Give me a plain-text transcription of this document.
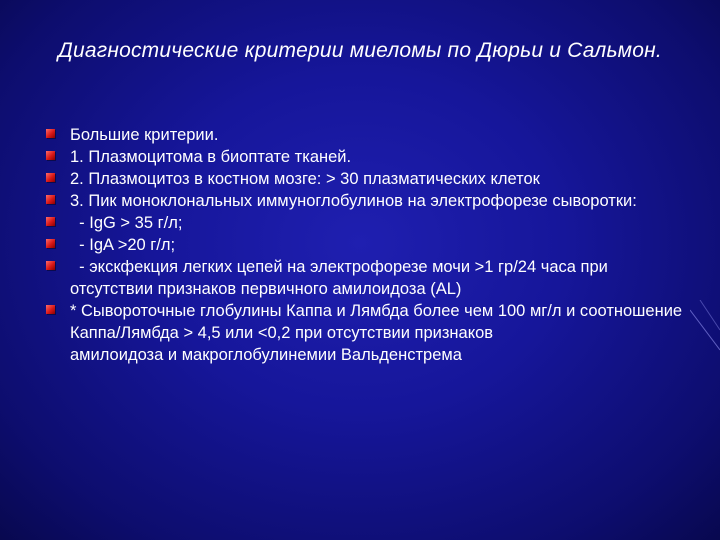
Диагностические критерии миеломы по Дюрьи и Сальмон.
Большие критерии.
1. Плазмоцитома в биоптате тканей.
2. Плазмоцитоз в костном мозге: > 30 плазматических клеток
3. Пик моноклональных иммуноглобулинов на электрофорезе сыворотки:
- IgG > 35 г/л;
- IgA >20 г/л;
- экскфекция легких цепей на электрофорезе мочи >1 гр/24 часа при отсутствии признаков первичного амилоидоза (AL)
* Сывороточные глобулины Каппа и Лямбда более чем 100 мг/л и соотношение Каппа/Лямбда > 4,5 или <0,2 при отсутствии признаков
амилоидоза и макроглобулинемии Вальденстрема
